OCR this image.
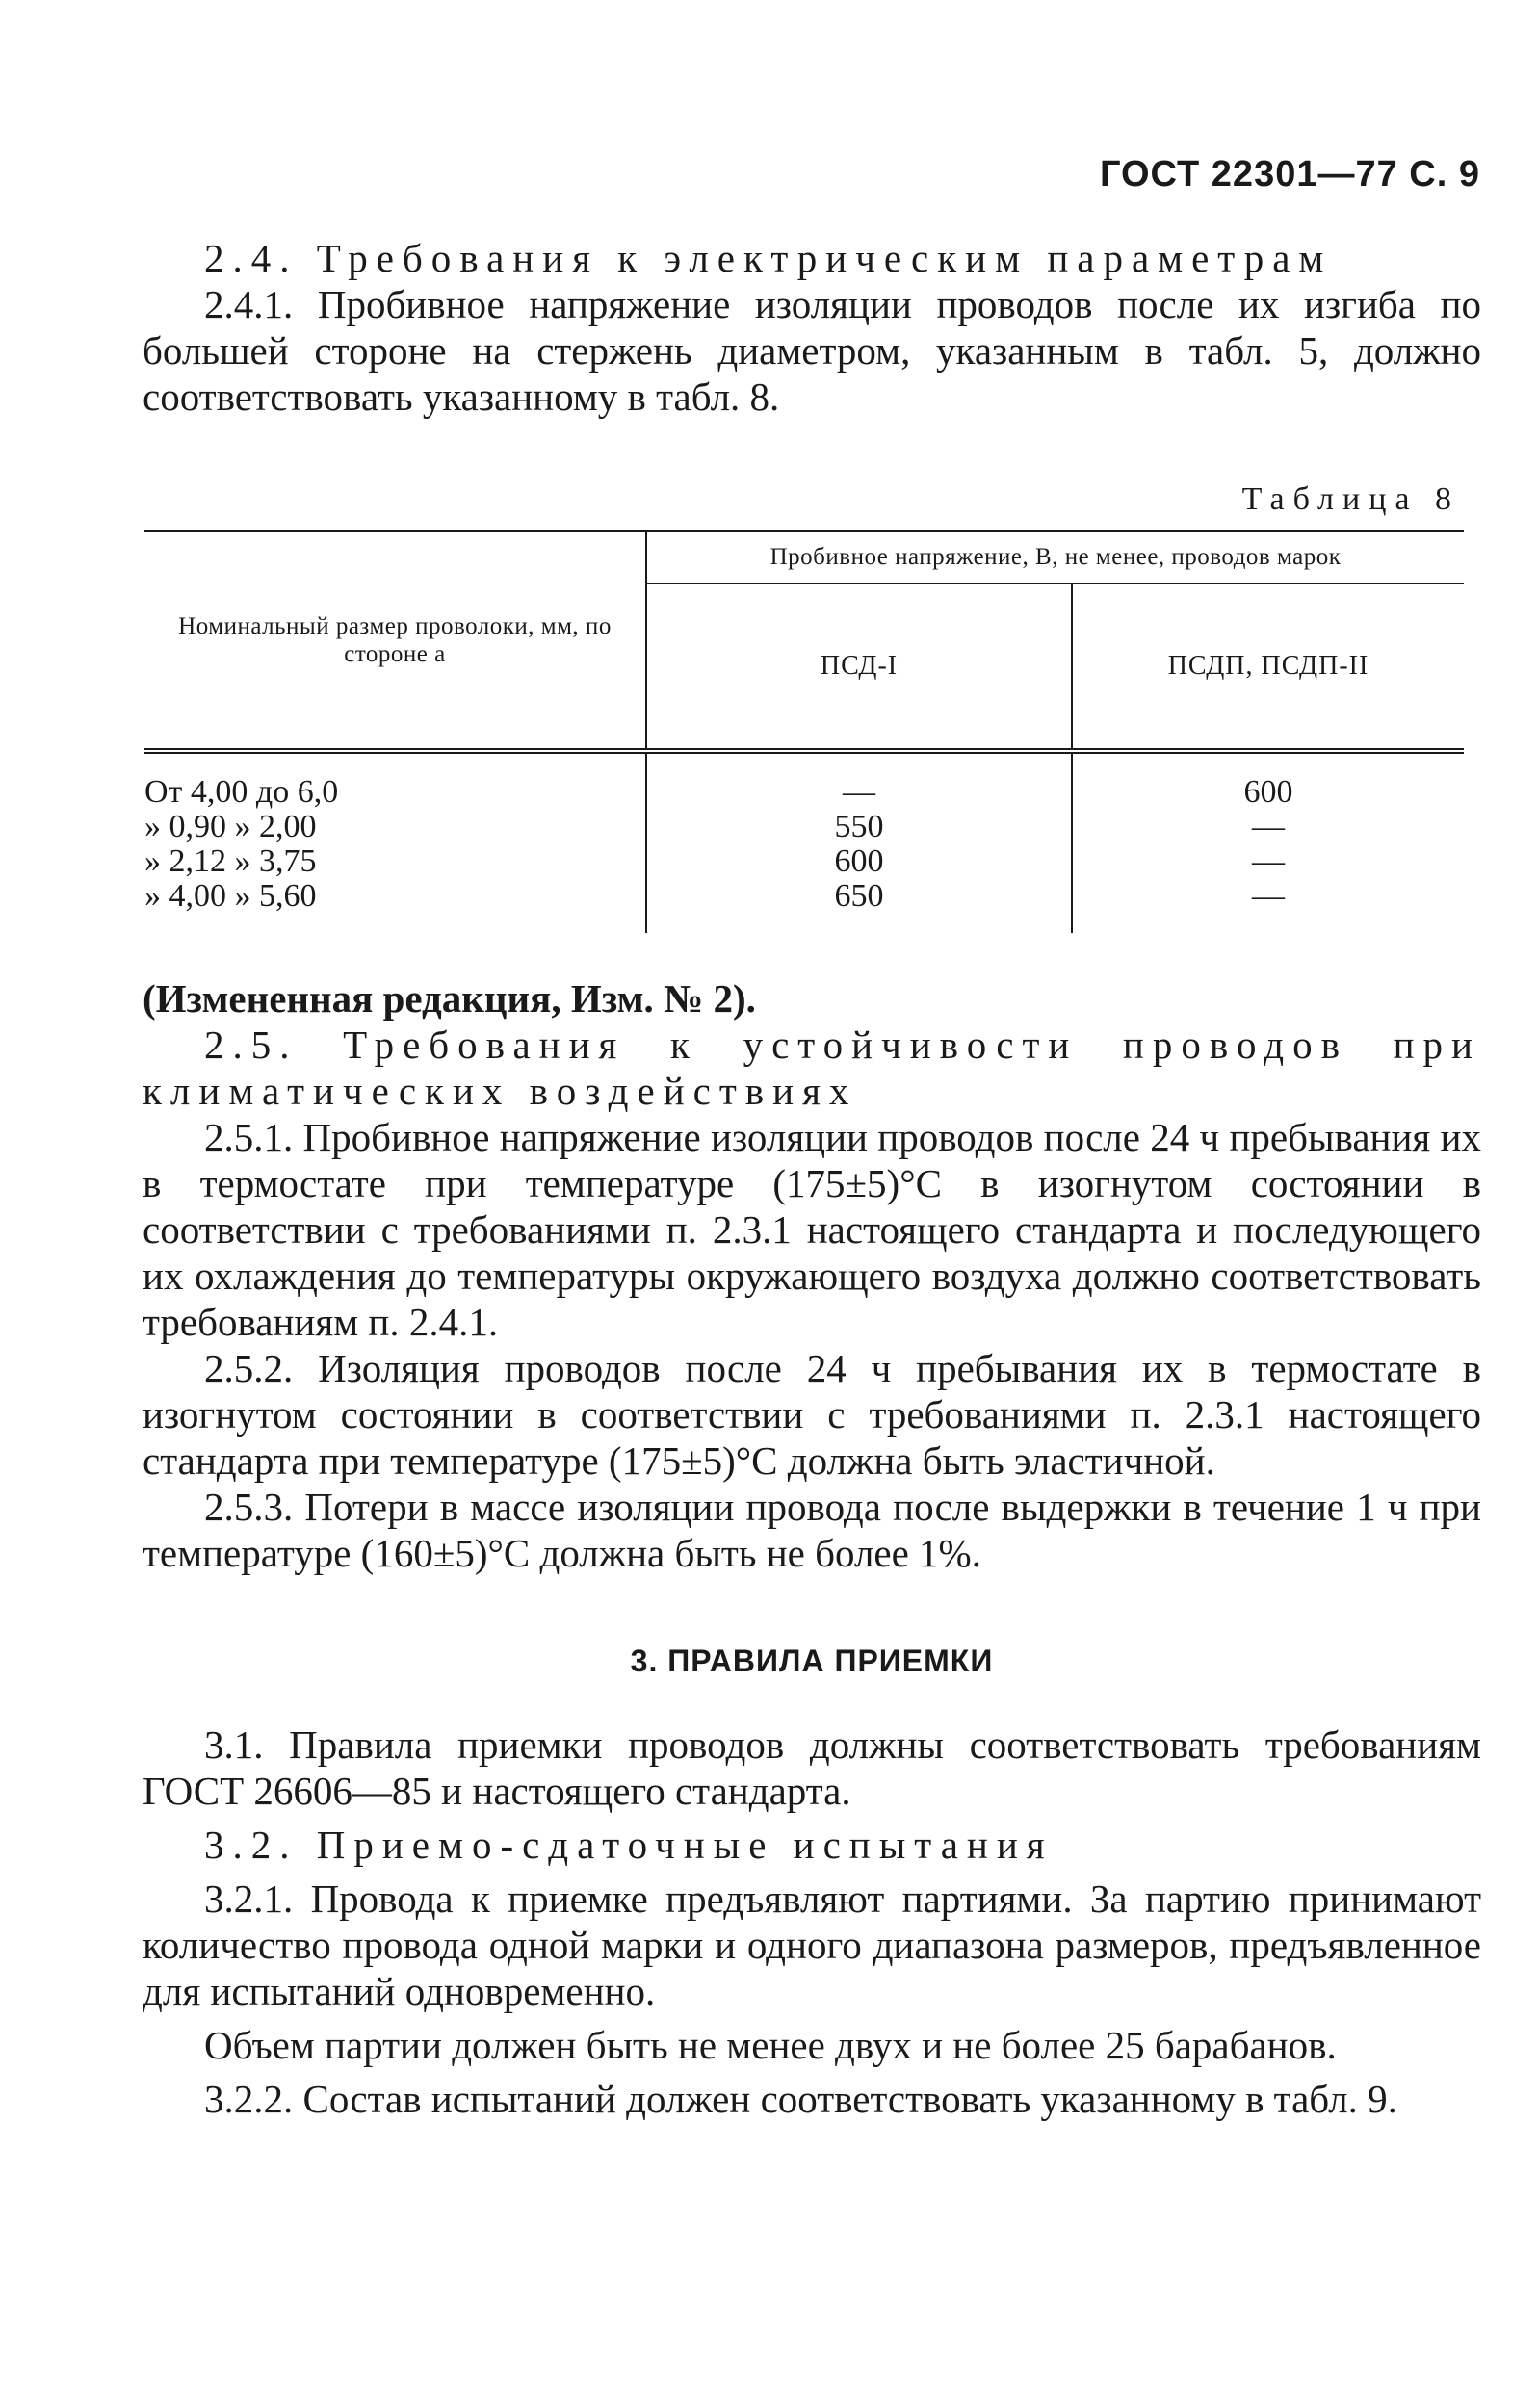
ГОСТ 22301—77 С. 9

2.4. Требования к электрическим параметрам

2.4.1. Пробивное напряжение изоляции проводов после их изгиба по большей стороне на стержень диаметром, указанным в табл. 5, должно соответствовать указанному в табл. 8.

Таблица 8
Номинальный размер проволоки, мм, по стороне a	Пробивное напряжение, В, не менее, проводов марок	
	ПСД-I	ПСДП, ПСДП-II
От 4,00 до 6,0	—	600
» 0,90 » 2,00	550	—
» 2,12 » 3,75	600	—
» 4,00 » 5,60	650	—

(Измененная редакция, Изм. № 2).

2.5. Требования к устойчивости проводов при климатических воздействиях

2.5.1. Пробивное напряжение изоляции проводов после 24 ч пребывания их в термостате при температуре (175±5)°С в изогнутом состоянии в соответствии с требованиями п. 2.3.1 настоящего стандарта и последующего их охлаждения до температуры окружающего воздуха должно соответствовать требованиям п. 2.4.1.

2.5.2. Изоляция проводов после 24 ч пребывания их в термостате в изогнутом состоянии в соответствии с требованиями п. 2.3.1 настоящего стандарта при температуре (175±5)°С должна быть эластичной.

2.5.3. Потери в массе изоляции провода после выдержки в течение 1 ч при температуре (160±5)°С должна быть не более 1%.

3. ПРАВИЛА ПРИЕМКИ

3.1. Правила приемки проводов должны соответствовать требованиям ГОСТ 26606—85 и настоящего стандарта.

3.2. Приемо-сдаточные испытания

3.2.1. Провода к приемке предъявляют партиями. За партию принимают количество провода одной марки и одного диапазона размеров, предъявленное для испытаний одновременно.

Объем партии должен быть не менее двух и не более 25 барабанов.

3.2.2. Состав испытаний должен соответствовать указанному в табл. 9.
